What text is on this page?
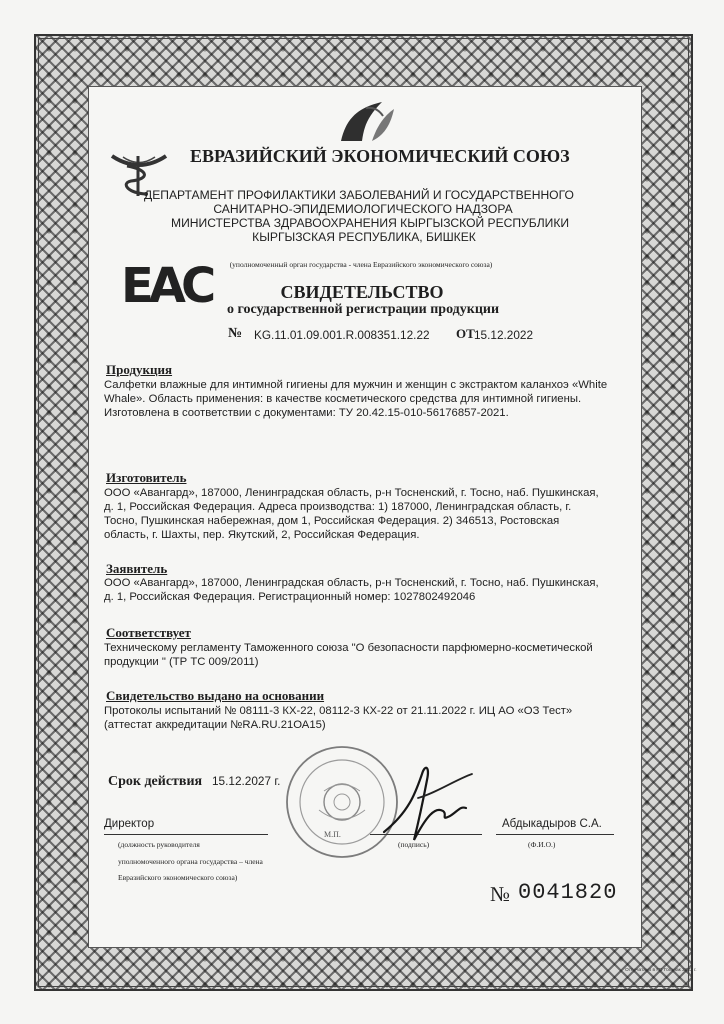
ЕАС
ЕВРАЗИЙСКИЙ ЭКОНОМИЧЕСКИЙ СОЮЗ
ДЕПАРТАМЕНТ ПРОФИЛАКТИКИ ЗАБОЛЕВАНИЙ И ГОСУДАРСТВЕННОГО
САНИТАРНО-ЭПИДЕМИОЛОГИЧЕСКОГО НАДЗОРА
МИНИСТЕРСТВА ЗДРАВООХРАНЕНИЯ КЫРГЫЗСКОЙ РЕСПУБЛИКИ
КЫРГЫЗСКАЯ РЕСПУБЛИКА, БИШКЕК
(уполномоченный орган государства - члена Евразийского экономического союза)
СВИДЕТЕЛЬСТВО
о государственной регистрации продукции
№ KG.11.01.09.001.R.008351.12.22 ОТ 15.12.2022
Продукция
Салфетки влажные для интимной гигиены для мужчин и женщин с экстрактом каланхоэ «White
Whale». Область применения: в качестве косметического средства для интимной гигиены.
Изготовлена в соответствии с документами: ТУ 20.42.15-010-56176857-2021.
Изготовитель
ООО «Авангард», 187000, Ленинградская область, р-н Тосненский, г. Тосно, наб. Пушкинская,
д. 1, Российская Федерация. Адреса производства: 1) 187000, Ленинградская область, г.
Тосно, Пушкинская набережная, дом 1, Российская Федерация. 2) 346513, Ростовская
область, г. Шахты, пер. Якутский, 2, Российская Федерация.
Заявитель
ООО «Авангард», 187000, Ленинградская область, р-н Тосненский, г. Тосно, наб. Пушкинская,
д. 1, Российская Федерация. Регистрационный номер: 1027802492046
Соответствует
Техническому регламенту Таможенного союза "О безопасности парфюмерно-косметической
продукции " (ТР ТС 009/2011)
Свидетельство выдано на основании
Протоколы испытаний № 08111-3 КХ-22, 08112-3 КХ-22 от 21.11.2022 г. ИЦ АО «ОЗ Тест»
(аттестат аккредитации №RA.RU.21ОА15)
Срок действия 15.12.2027 г.
Директор
(должность руководителя
уполномоченного органа государства – члена
Евразийского экономического союза)
М.П.
(подпись)
Абдыкадыров С.А.
(Ф.И.О.)
№ 0041820
Отпечатано в ГП Госзнак 2022 г.
